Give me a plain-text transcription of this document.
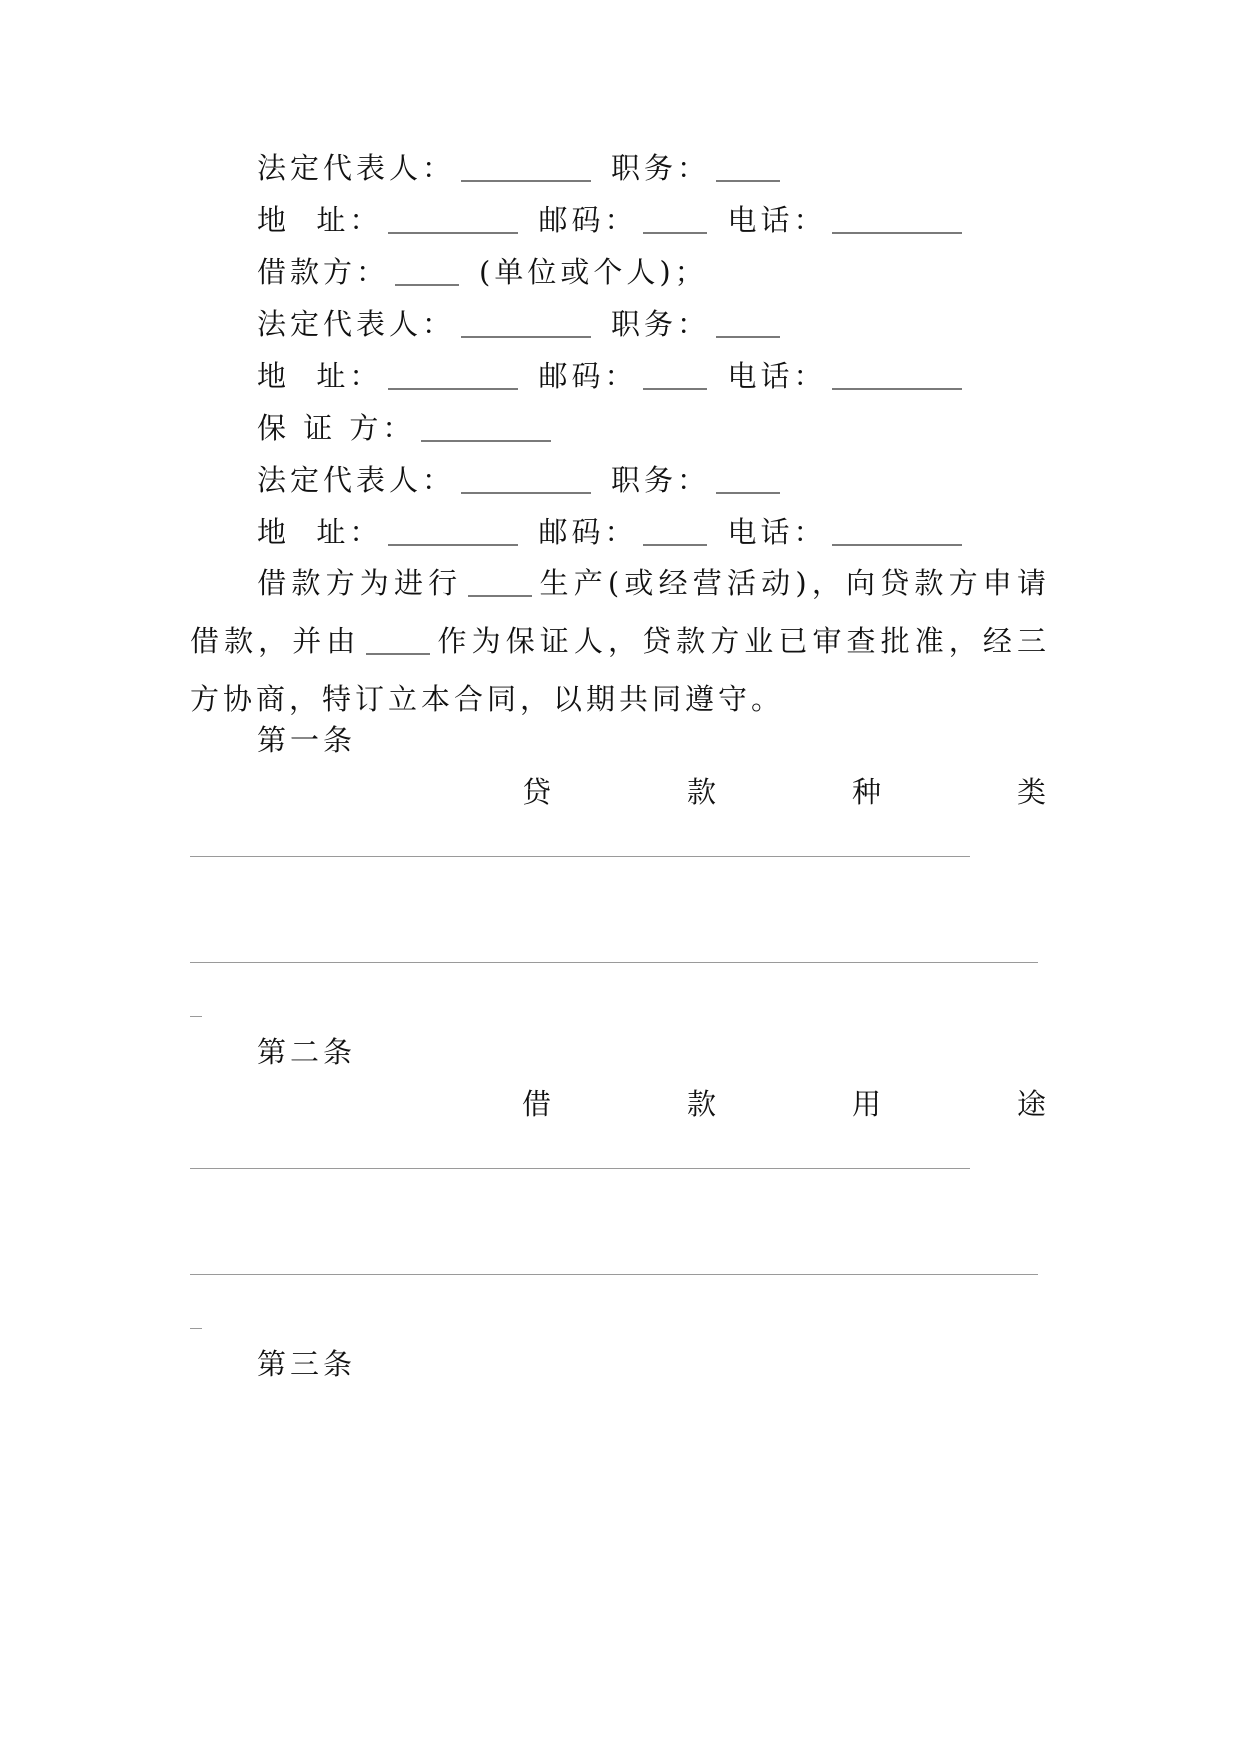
法定代表人：	职务：
地  址：	邮码：	电话：
借款方：	(单位或个人)；
法定代表人：	职务：
地  址：	邮码：	电话：
保 证 方：
法定代表人：	职务：
地  址：	邮码：	电话：
借款方为进行	生产(或经营活动)，向贷款方申请借款，并由	作为保证人，贷款方业已审查批准，经三方协商，特订立本合同，以期共同遵守。
第一条
贷	款	种	类
第二条
借	款	用	途
第三条
